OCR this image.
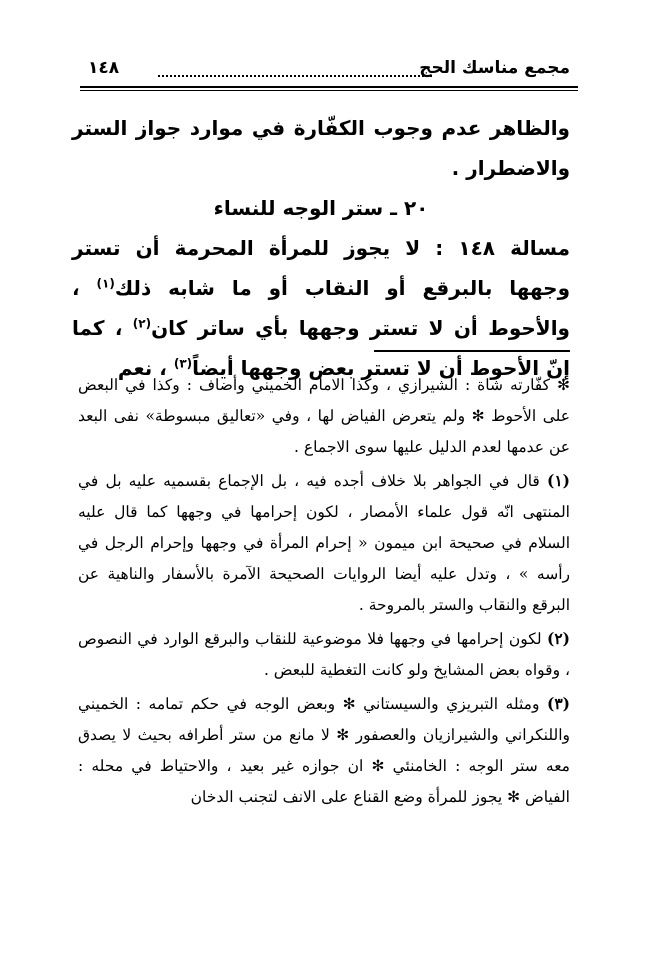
مجمع مناسك الحج
١٤٨

والظاهر عدم وجوب الكفّارة في موارد جواز الستر والاضطرار .

٢٠ ـ ستر الوجه للنساء

مسالة ١٤٨ : لا يجوز للمرأة المحرمة أن تستر وجهها بالبرقع أو النقاب أو ما شابه ذلك$^{(١)}$ ، والأحوط أن لا تستر وجهها بأي ساتر كان$^{(٢)}$ ، كما إنّ الأحوط أن لا تستر بعض وجهها أيضاً$^{(٣)}$ ، نعم

✻ كفّارته شاة : الشيرازي ، وكذا الامام الخميني وأضاف : وكذا في البعض على الأحوط ✻ ولم يتعرض الفياض لها ، وفي «تعاليق مبسوطة» نفى البعد عن عدمها لعدم الدليل عليها سوى الاجماع .

(١) قال في الجواهر بلا خلاف أجده فيه ، بل الإجماع بقسميه عليه بل في المنتهى انّه قول علماء الأمصار ، لكون إحرامها في وجهها كما قال عليه السلام في صحيحة ابن ميمون « إحرام المرأة في وجهها وإحرام الرجل في رأسه » ، وتدل عليه أيضا الروايات الصحيحة الآمرة بالأسفار والناهية عن البرقع والنقاب والستر بالمروحة .

(٢) لكون إحرامها في وجهها فلا موضوعية للنقاب والبرقع الوارد في النصوص ، وقواه بعض المشايخ ولو كانت التغطية للبعض .

(٣) ومثله التبريزي والسيستاني ✻ وبعض الوجه في حكم تمامه : الخميني واللنكراني والشيرازيان والعصفور ✻ لا مانع من ستر أطرافه بحيث لا يصدق معه ستر الوجه : الخامنئي ✻ ان جوازه غير بعيد ، والاحتياط في محله : الفياض ✻ يجوز للمرأة وضع القناع على الانف لتجنب الدخان
